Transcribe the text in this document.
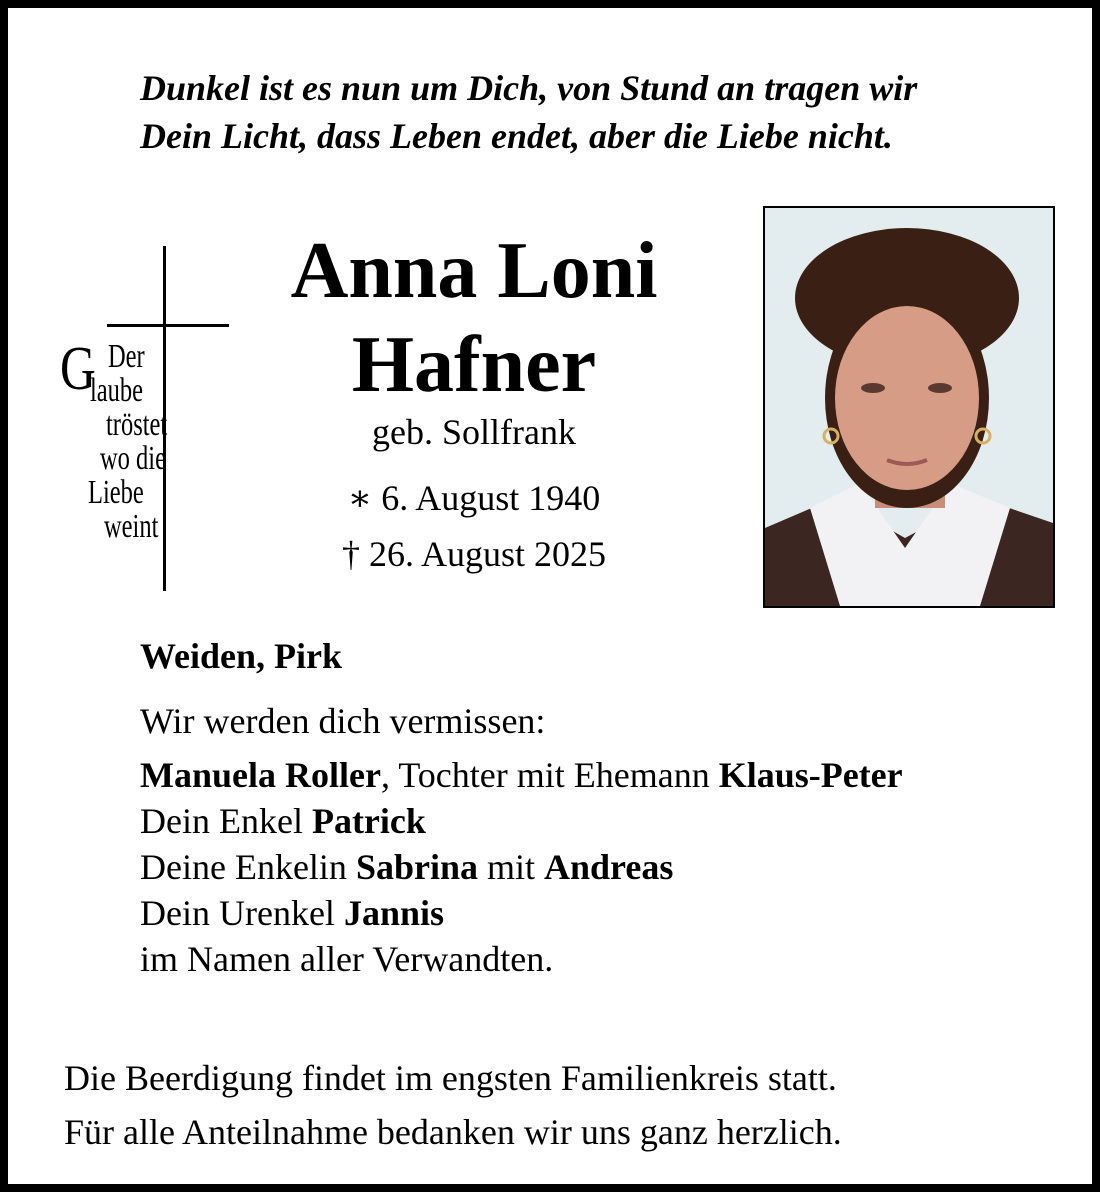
Dunkel ist es nun um Dich, von Stund an tragen wir
Dein Licht, dass Leben endet, aber die Liebe nicht.
G Der
laube
tröstet
wo die
Liebe
weint
Anna Loni
Hafner
geb. Sollfrank
∗ 6. August 1940
† 26. August 2025
Weiden, Pirk
Wir werden dich vermissen:
Manuela Roller, Tochter mit Ehemann Klaus-Peter
Dein Enkel Patrick
Deine Enkelin Sabrina mit Andreas
Dein Urenkel Jannis
im Namen aller Verwandten.
Die Beerdigung findet im engsten Familienkreis statt.
Für alle Anteilnahme bedanken wir uns ganz herzlich.
